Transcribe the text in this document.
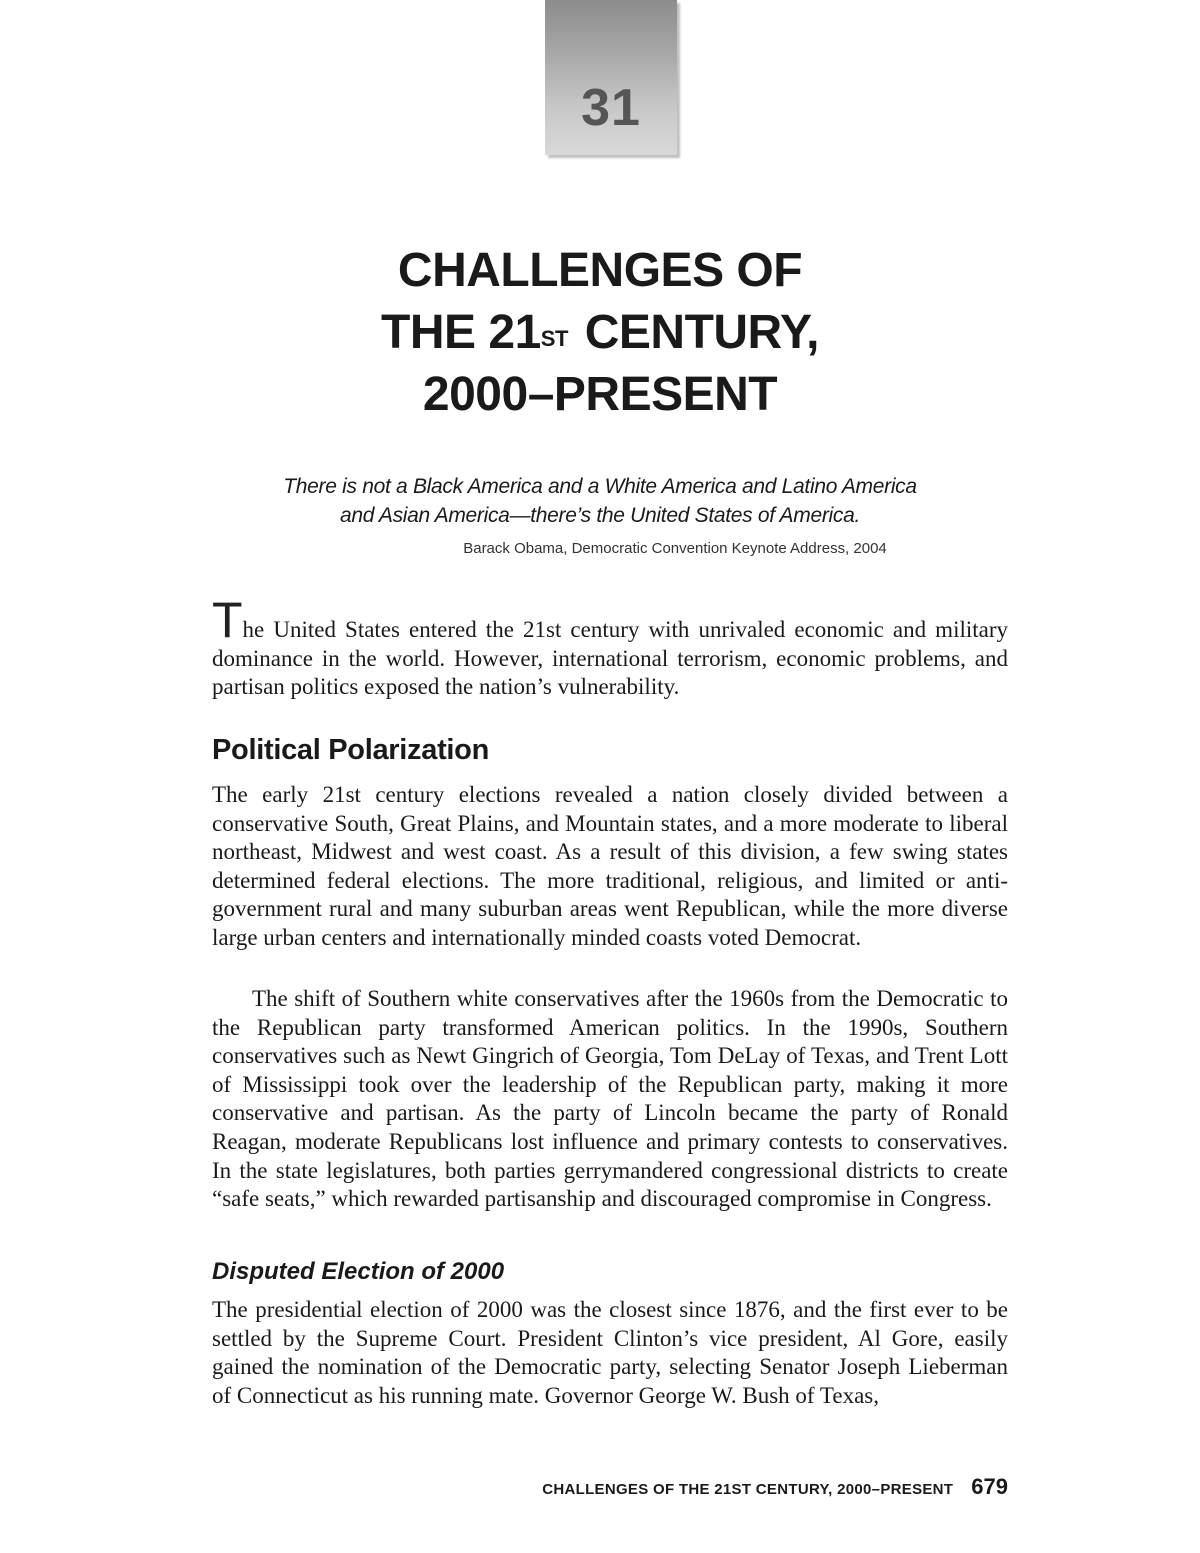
31
CHALLENGES OF
THE 21ST CENTURY,
2000–PRESENT
There is not a Black America and a White America and Latino America
and Asian America—there’s the United States of America.
Barack Obama, Democratic Convention Keynote Address, 2004

The United States entered the 21st century with unrivaled economic and military dominance in the world. However, international terrorism, economic problems, and partisan politics exposed the nation’s vulnerability.

Political Polarization

The early 21st century elections revealed a nation closely divided between a conservative South, Great Plains, and Mountain states, and a more moderate to liberal northeast, Midwest and west coast. As a result of this division, a few swing states determined federal elections. The more traditional, religious, and limited or anti-government rural and many suburban areas went Republican, while the more diverse large urban centers and internationally minded coasts voted Democrat.

The shift of Southern white conservatives after the 1960s from the Democratic to the Republican party transformed American politics. In the 1990s, Southern conservatives such as Newt Gingrich of Georgia, Tom DeLay of Texas, and Trent Lott of Mississippi took over the leadership of the Republican party, making it more conservative and partisan. As the party of Lincoln became the party of Ronald Reagan, moderate Republicans lost influence and primary contests to conservatives. In the state legislatures, both parties gerrymandered congressional districts to create “safe seats,” which rewarded partisanship and discouraged compromise in Congress.

Disputed Election of 2000

The presidential election of 2000 was the closest since 1876, and the first ever to be settled by the Supreme Court. President Clinton’s vice president, Al Gore, easily gained the nomination of the Democratic party, selecting Senator Joseph Lieberman of Connecticut as his running mate. Governor George W. Bush of Texas,

CHALLENGES OF THE 21ST CENTURY, 2000–PRESENT 679
